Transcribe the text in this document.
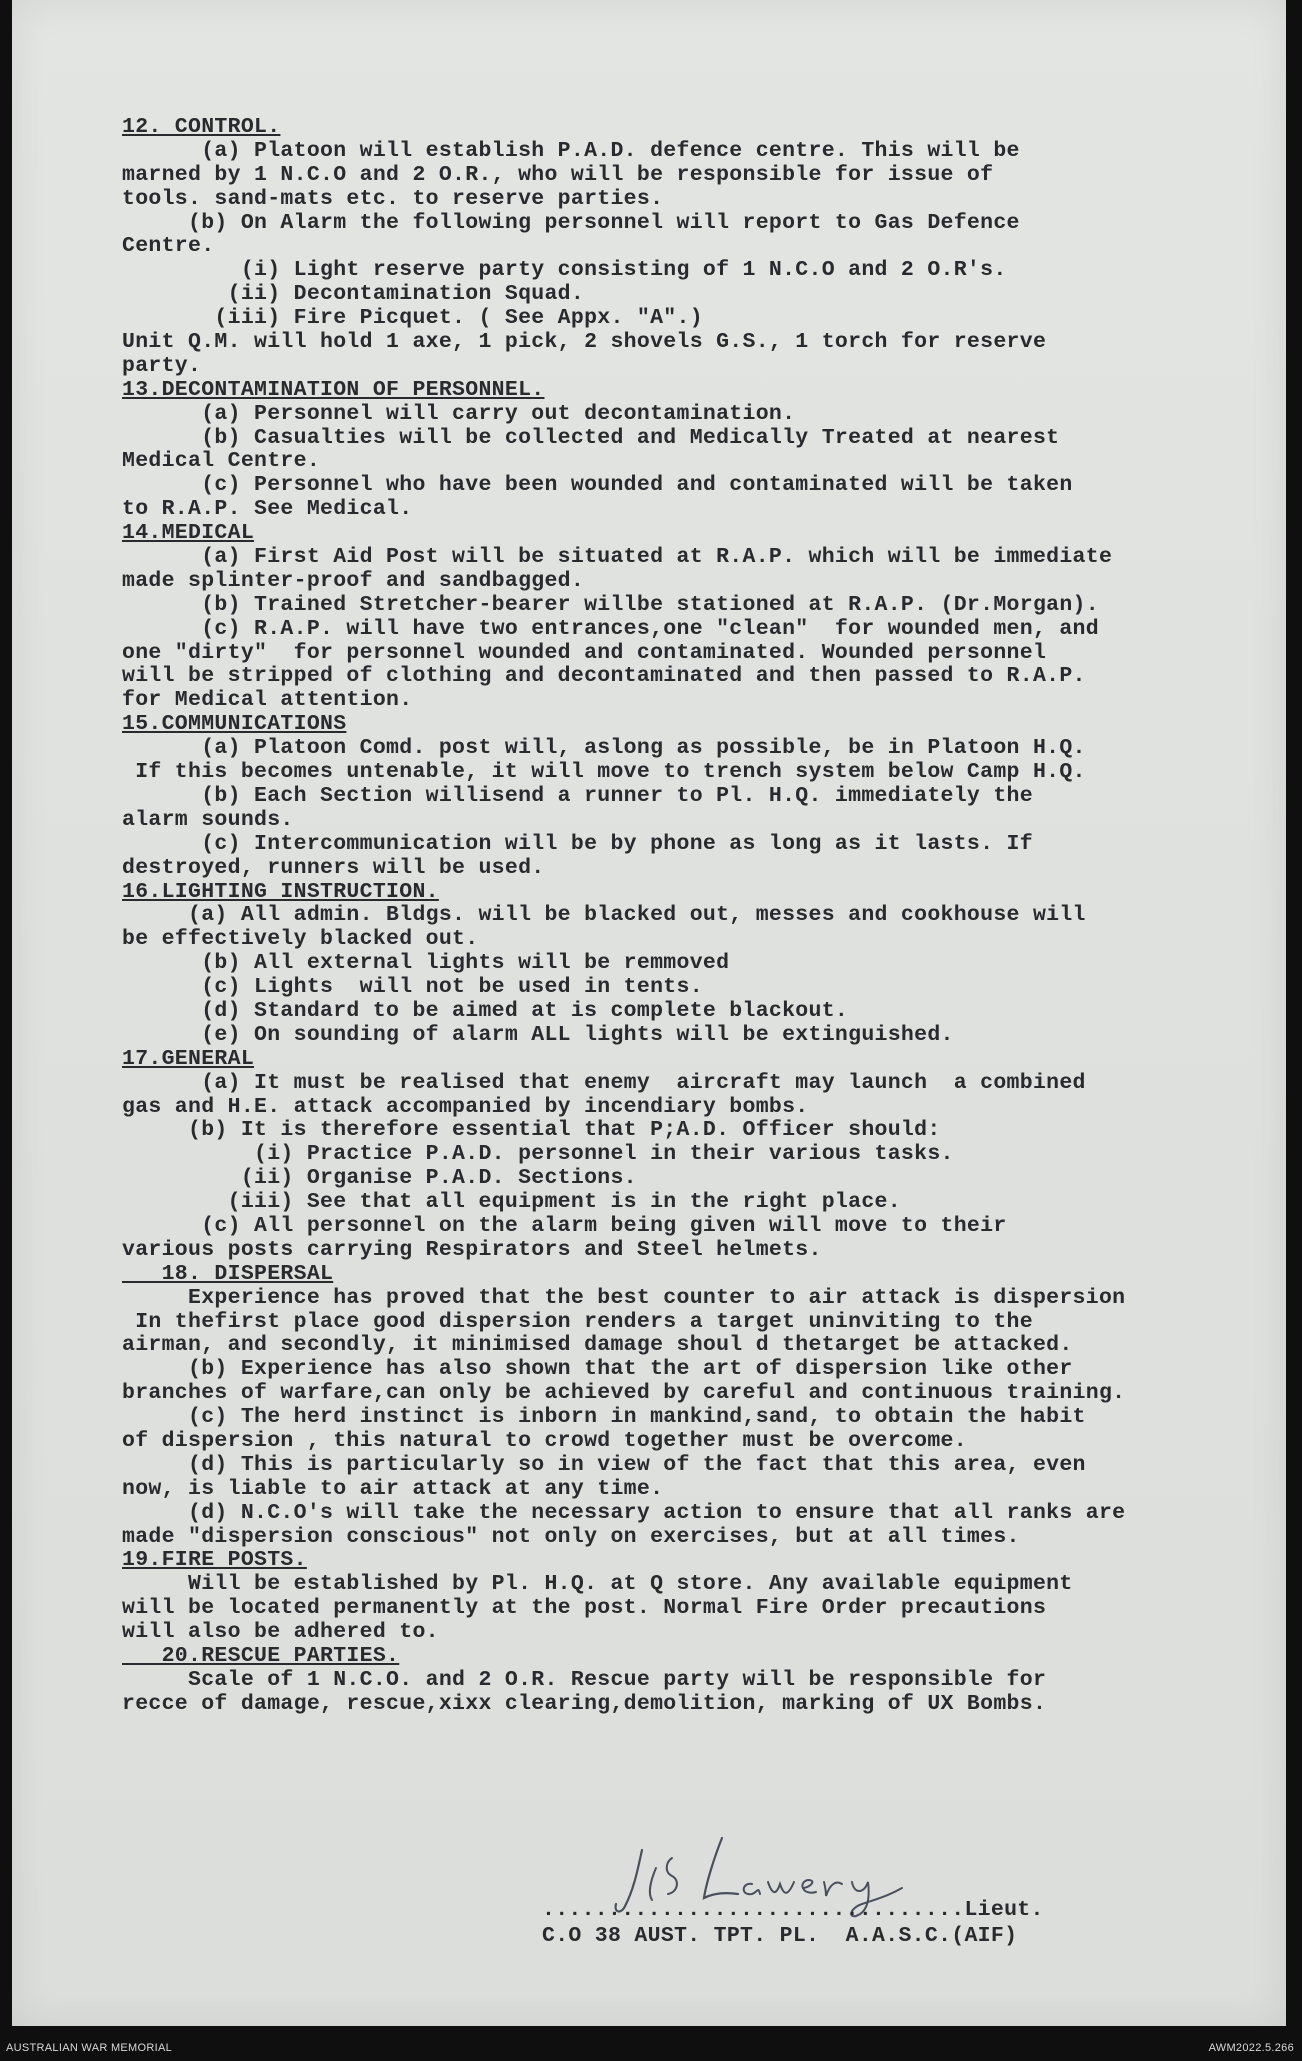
12. CONTROL.
(a) Platoon will establish P.A.D. defence centre. This will be
marned by 1 N.C.O and 2 O.R., who will be responsible for issue of
tools. sand-mats etc. to reserve parties.
(b) On Alarm the following personnel will report to Gas Defence
Centre.
(i) Light reserve party consisting of 1 N.C.O and 2 O.R's.
(ii) Decontamination Squad.
(iii) Fire Picquet. ( See Appx. "A".)
Unit Q.M. will hold 1 axe, 1 pick, 2 shovels G.S., 1 torch for reserve
party.
13.DECONTAMINATION OF PERSONNEL.
(a) Personnel will carry out decontamination.
(b) Casualties will be collected and Medically Treated at nearest
Medical Centre.
(c) Personnel who have been wounded and contaminated will be taken
to R.A.P. See Medical.
14.MEDICAL
(a) First Aid Post will be situated at R.A.P. which will be immediate
made splinter-proof and sandbagged.
(b) Trained Stretcher-bearer willbe stationed at R.A.P. (Dr.Morgan).
(c) R.A.P. will have two entrances,one "clean"  for wounded men, and
one "dirty"  for personnel wounded and contaminated. Wounded personnel
will be stripped of clothing and decontaminated and then passed to R.A.P.
for Medical attention.
15.COMMUNICATIONS
(a) Platoon Comd. post will, aslong as possible, be in Platoon H.Q.
If this becomes untenable, it will move to trench system below Camp H.Q.
(b) Each Section willisend a runner to Pl. H.Q. immediately the
alarm sounds.
(c) Intercommunication will be by phone as long as it lasts. If
destroyed, runners will be used.
16.LIGHTING INSTRUCTION.
(a) All admin. Bldgs. will be blacked out, messes and cookhouse will
be effectively blacked out.
(b) All external lights will be remmoved
(c) Lights  will not be used in tents.
(d) Standard to be aimed at is complete blackout.
(e) On sounding of alarm ALL lights will be extinguished.
17.GENERAL
(a) It must be realised that enemy  aircraft may launch  a combined
gas and H.E. attack accompanied by incendiary bombs.
(b) It is therefore essential that P;A.D. Officer should:
(i) Practice P.A.D. personnel in their various tasks.
(ii) Organise P.A.D. Sections.
(iii) See that all equipment is in the right place.
(c) All personnel on the alarm being given will move to their
various posts carrying Respirators and Steel helmets.
18. DISPERSAL
Experience has proved that the best counter to air attack is dispersion
In thefirst place good dispersion renders a target uninviting to the
airman, and secondly, it minimised damage shoul d thetarget be attacked.
(b) Experience has also shown that the art of dispersion like other
branches of warfare,can only be achieved by careful and continuous training.
(c) The herd instinct is inborn in mankind,sand, to obtain the habit
of dispersion , this natural to crowd together must be overcome.
(d) This is particularly so in view of the fact that this area, even
now, is liable to air attack at any time.
(d) N.C.O's will take the necessary action to ensure that all ranks are
made "dispersion conscious" not only on exercises, but at all times.
19.FIRE POSTS.
Will be established by Pl. H.Q. at Q store. Any available equipment
will be located permanently at the post. Normal Fire Order precautions
will also be adhered to.
20.RESCUE PARTIES.
Scale of 1 N.C.O. and 2 O.R. Rescue party will be responsible for
recce of damage, rescue,xixx clearing,demolition, marking of UX Bombs.
................................Lieut.
C.O 38 AUST. TPT. PL.  A.A.S.C.(AIF)
AUSTRALIAN WAR MEMORIAL	AWM2022.5.266
